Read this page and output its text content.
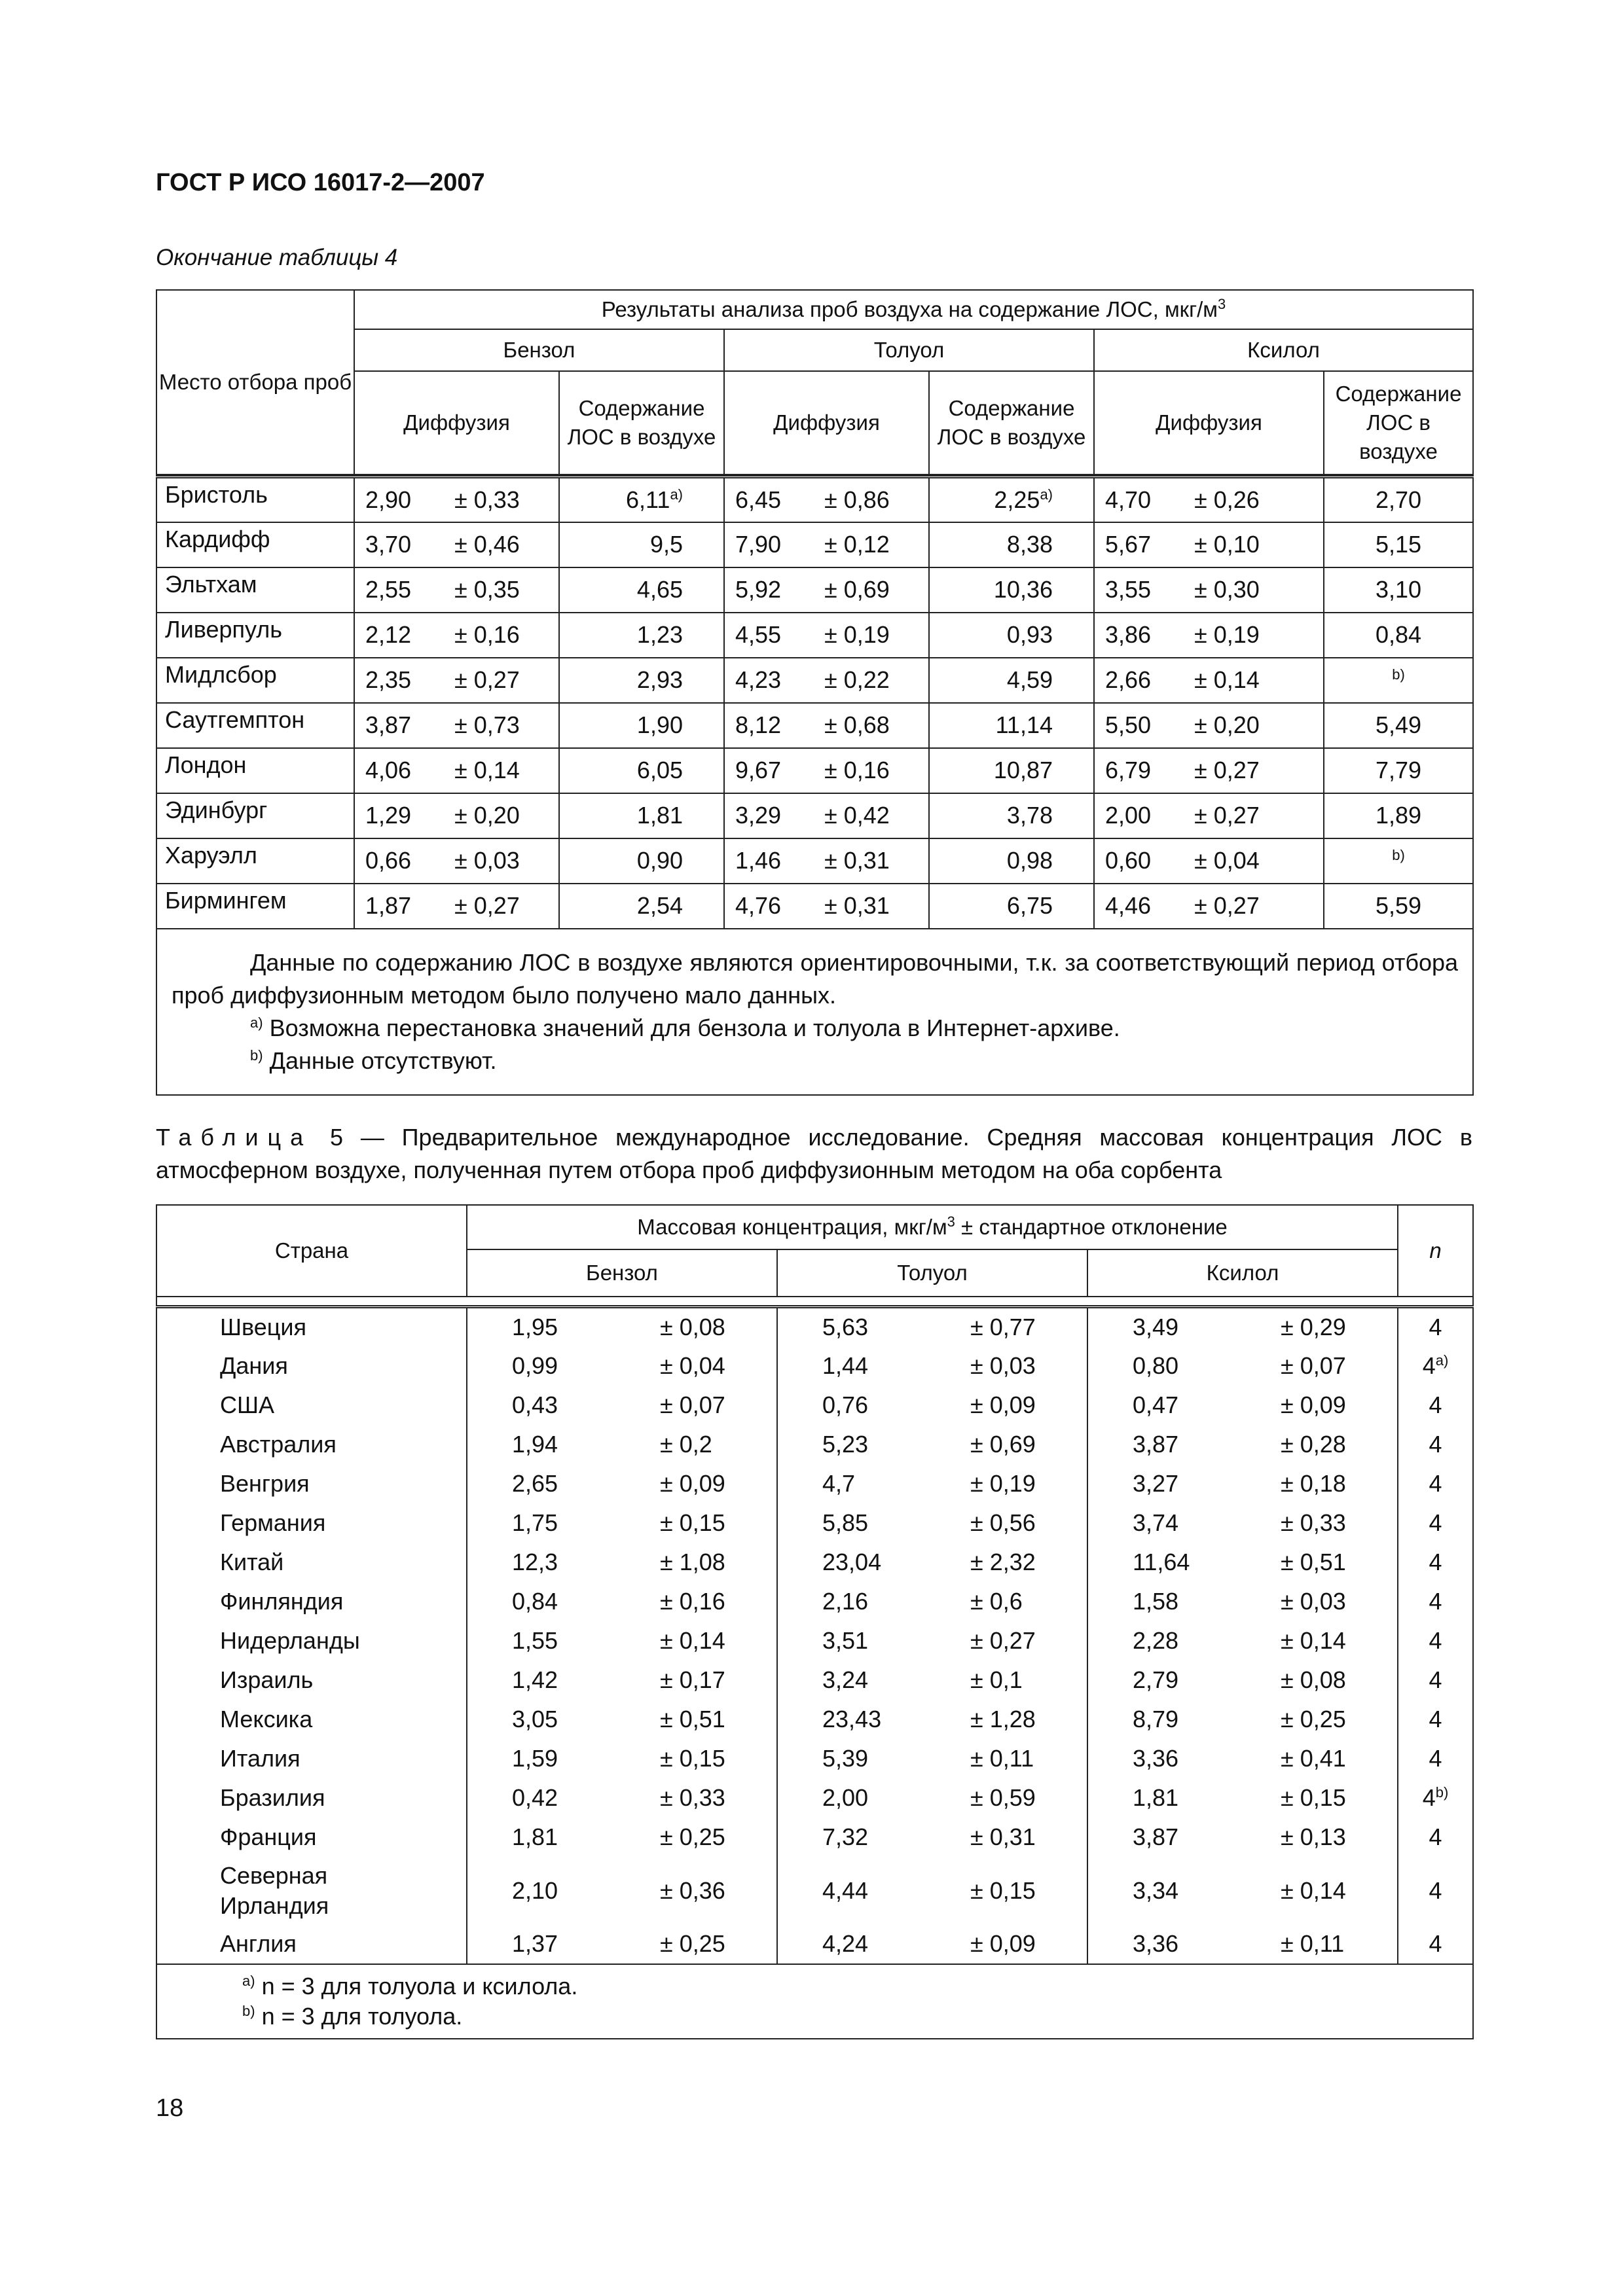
ГОСТ Р ИСО 16017-2—2007
Окончание таблицы 4
Место отбора проб	Результаты анализа проб воздуха на содержание ЛОС, мкг/$м^3$
	Бензол		Толуол		Ксилол	
	Диффузия	Содержание ЛОС в воздухе	Диффузия	Содержание ЛОС в воздухе	Диффузия	Содержание ЛОС в воздухе

Бристоль	2,90 ± 0,33	6,11$^{a)}$	6,45 ± 0,86	2,25$^{a)}$	4,70 ± 0,26	2,70
Кардифф	3,70 ± 0,46	9,5	7,90 ± 0,12	8,38	5,67 ± 0,10	5,15
Эльтхам	2,55 ± 0,35	4,65	5,92 ± 0,69	10,36	3,55 ± 0,30	3,10
Ливерпуль	2,12 ± 0,16	1,23	4,55 ± 0,19	0,93	3,86 ± 0,19	0,84
Мидлсбор	2,35 ± 0,27	2,93	4,23 ± 0,22	4,59	2,66 ± 0,14	$^{b)}$
Саутгемптон	3,87 ± 0,73	1,90	8,12 ± 0,68	11,14	5,50 ± 0,20	5,49
Лондон	4,06 ± 0,14	6,05	9,67 ± 0,16	10,87	6,79 ± 0,27	7,79
Эдинбург	1,29 ± 0,20	1,81	3,29 ± 0,42	3,78	2,00 ± 0,27	1,89
Харуэлл	0,66 ± 0,03	0,90	1,46 ± 0,31	0,98	0,60 ± 0,04	$^{b)}$
Бирмингем	1,87 ± 0,27	2,54	4,76 ± 0,31	6,75	4,46 ± 0,27	5,59

Данные по содержанию ЛОС в воздухе являются ориентировочными, т.к. за соответствующий период отбора проб диффузионным методом было получено мало данных.
$^{a)}$ Возможна перестановка значений для бензола и толуола в Интернет-архиве.
$^{b)}$ Данные отсутствуют.						
Таблица 5 — Предварительное международное исследование. Средняя массовая концентрация ЛОС в атмосферном воздухе, полученная путем отбора проб диффузионным методом на оба сорбента
Страна	Массовая концентрация, мкг/$м^3$ ± стандартное отклонение			n
	Бензол	Толуол	Ксилол	

Швеция	1,95 ± 0,08	5,63 ± 0,77	3,49 ± 0,29	4
Дания	0,99 ± 0,04	1,44 ± 0,03	0,80 ± 0,07	4$^{a)}$
США	0,43 ± 0,07	0,76 ± 0,09	0,47 ± 0,09	4
Австралия	1,94 ± 0,2	5,23 ± 0,69	3,87 ± 0,28	4
Венгрия	2,65 ± 0,09	4,7 ± 0,19	3,27 ± 0,18	4
Германия	1,75 ± 0,15	5,85 ± 0,56	3,74 ± 0,33	4
Китай	12,3 ± 1,08	23,04 ± 2,32	11,64 ± 0,51	4
Финляндия	0,84 ± 0,16	2,16 ± 0,6	1,58 ± 0,03	4
Нидерланды	1,55 ± 0,14	3,51 ± 0,27	2,28 ± 0,14	4
Израиль	1,42 ± 0,17	3,24 ± 0,1	2,79 ± 0,08	4
Мексика	3,05 ± 0,51	23,43 ± 1,28	8,79 ± 0,25	4
Италия	1,59 ± 0,15	5,39 ± 0,11	3,36 ± 0,41	4
Бразилия	0,42 ± 0,33	2,00 ± 0,59	1,81 ± 0,15	4$^{b)}$
Франция	1,81 ± 0,25	7,32 ± 0,31	3,87 ± 0,13	4

Северная Ирландия	2,10 ± 0,36	4,44 ± 0,15	3,34 ± 0,14	4
Англия	1,37 ± 0,25	4,24 ± 0,09	3,36 ± 0,11	4

$^{a)}$ n = 3 для толуола и ксилола.
$^{b)}$ n = 3 для толуола.				
18
